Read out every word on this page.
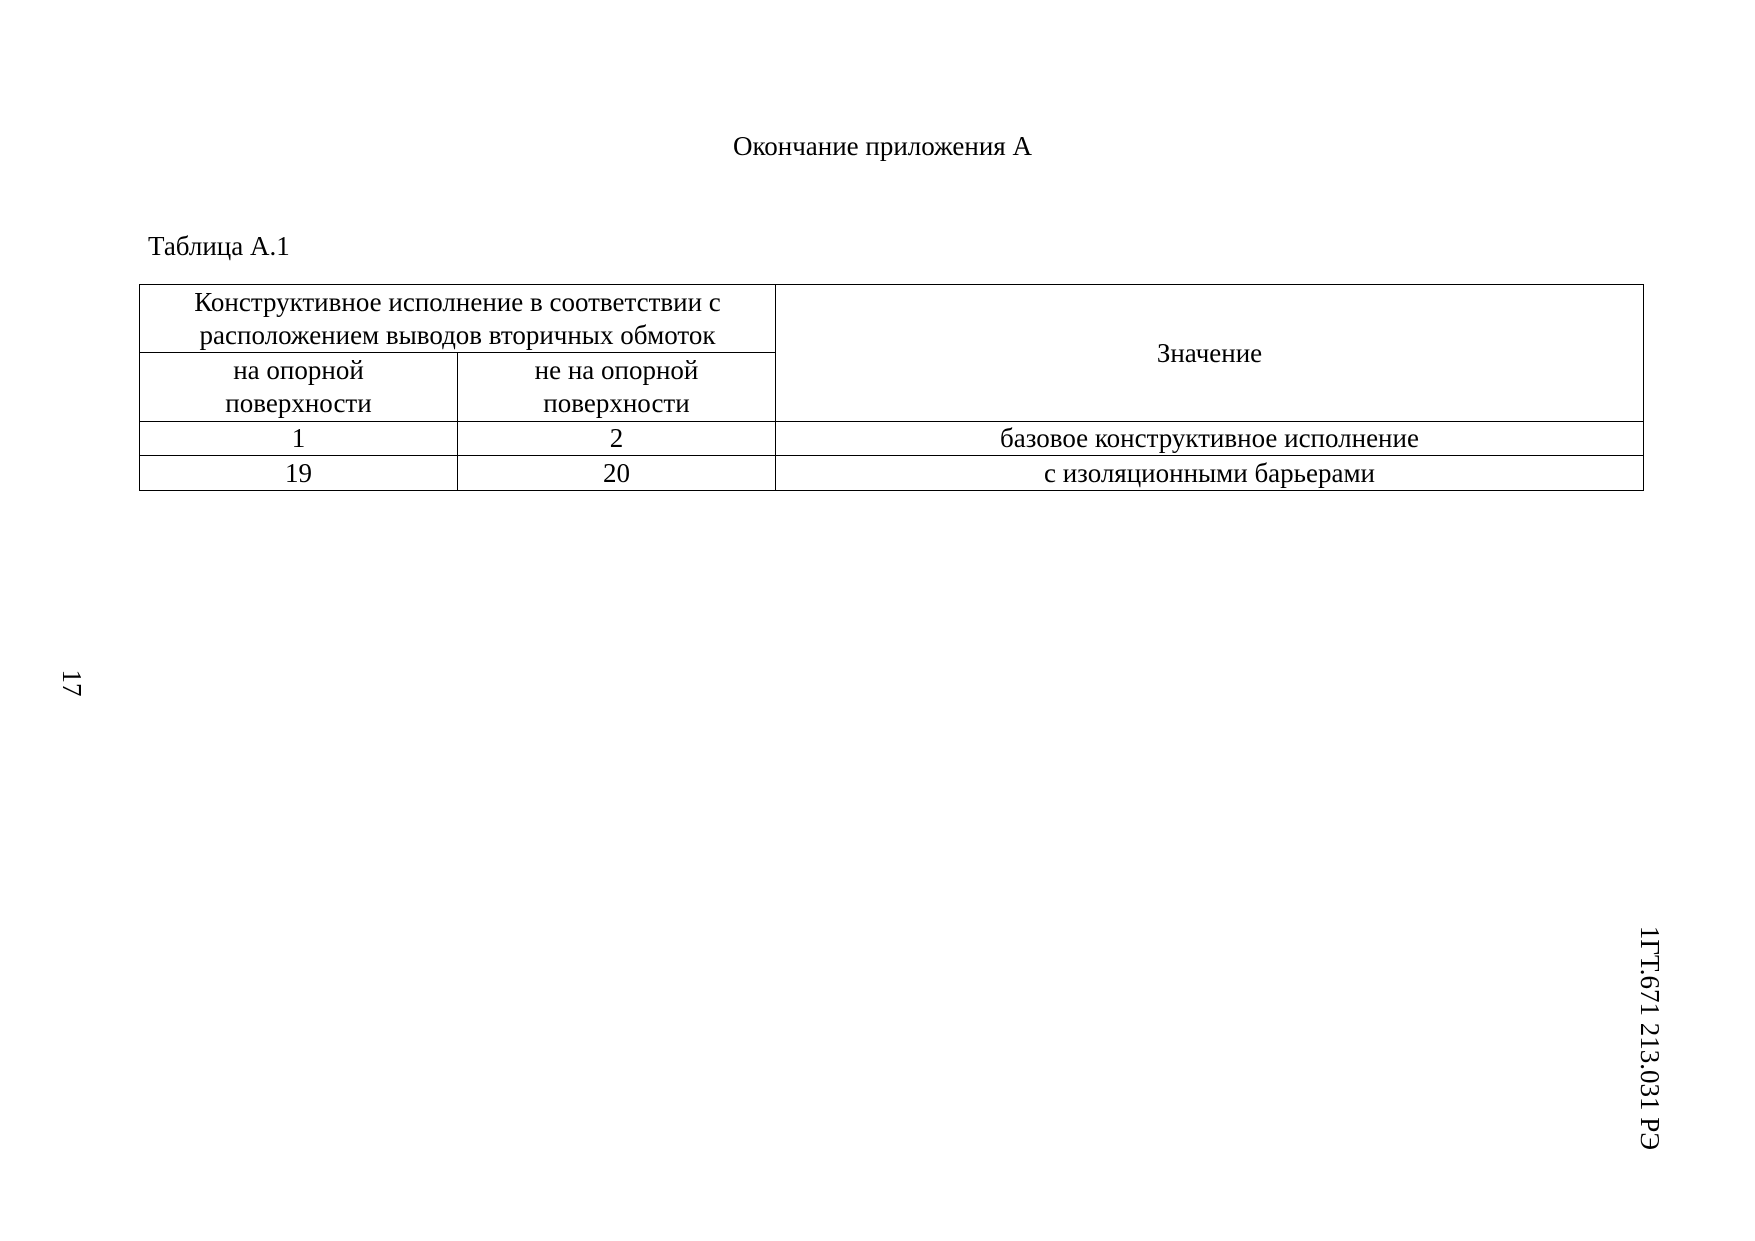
Окончание приложения А
Таблица А.1
Конструктивное исполнение в соответствии с расположением выводов вторичных обмоток		Значение
на опорной поверхности	не на опорной поверхности	
1	2	базовое конструктивное исполнение
19	20	с изоляционными барьерами
17
1ГТ.671 213.031 РЭ
